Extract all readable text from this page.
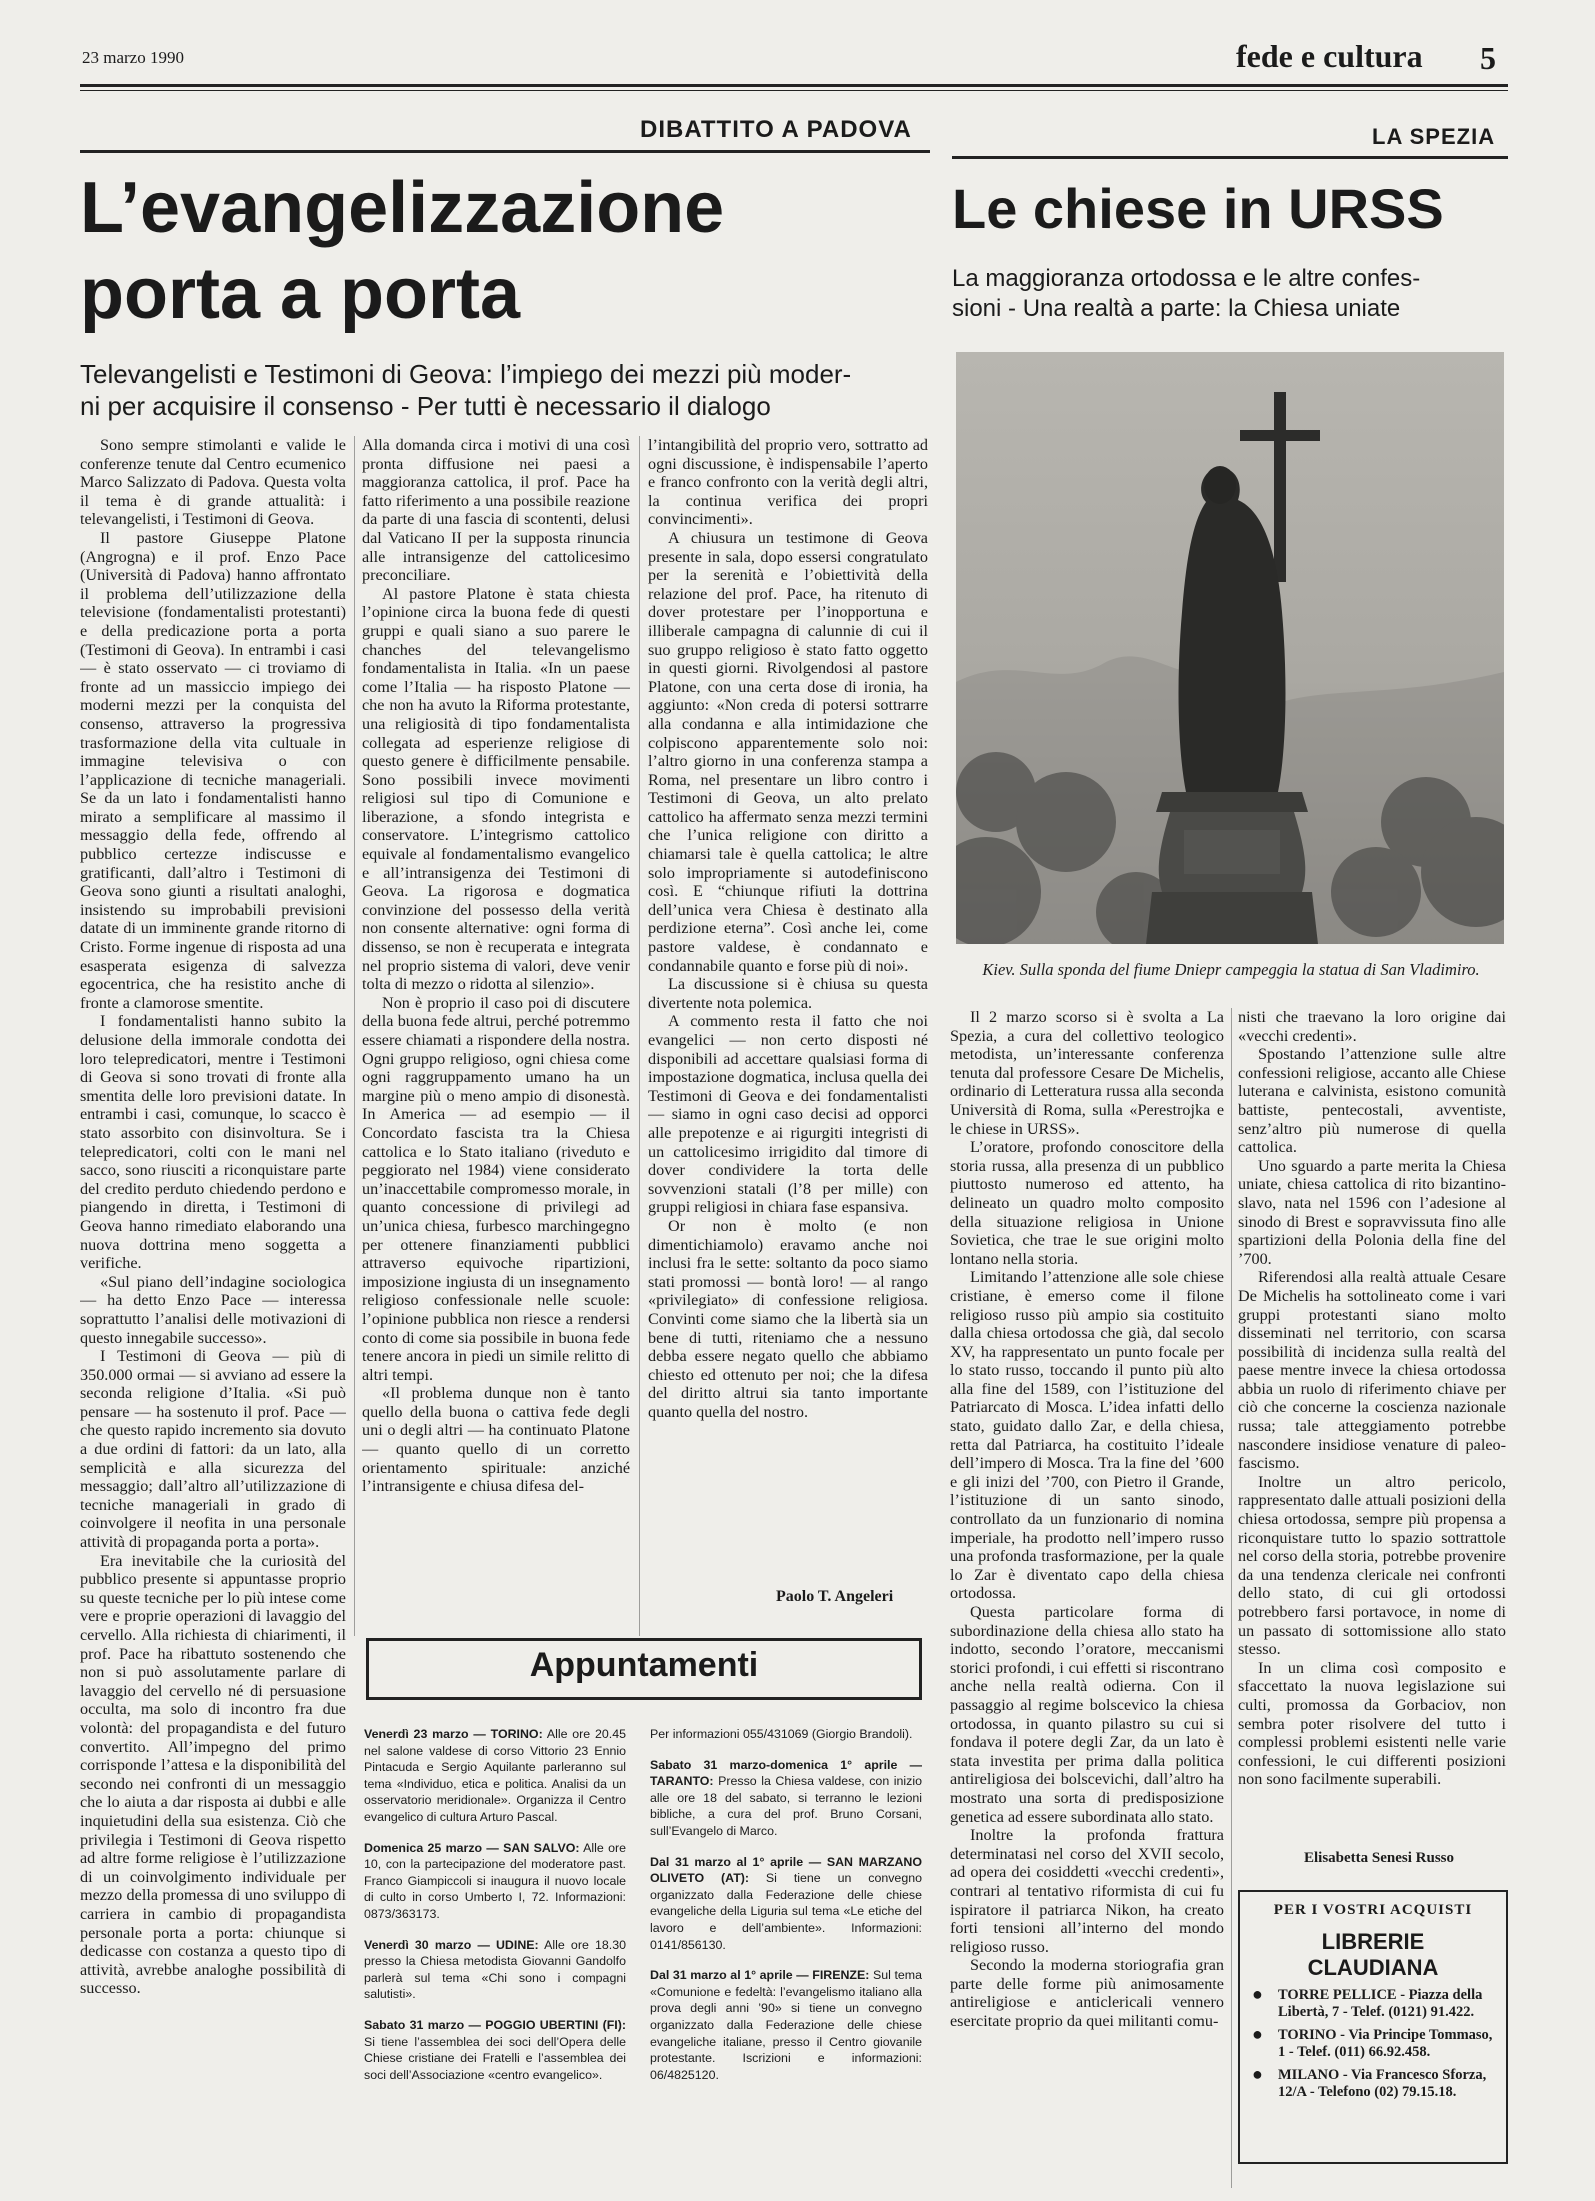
23 marzo 1990	fede e cultura 5
DIBATTITO A PADOVA
L’evangelizzazione
porta a porta
Televangelisti e Testimoni di Geova: l’impiego dei mezzi più moder-
ni per acquisire il consenso - Per tutti è necessario il dialogo

Sono sempre stimolanti e valide le conferenze tenute dal Centro ecumenico Marco Salizzato di Padova. Questa volta il tema è di grande attualità: i televangelisti, i Testimoni di Geova.

Il pastore Giuseppe Platone (Angrogna) e il prof. Enzo Pace (Università di Padova) hanno affrontato il problema dell’utilizzazione della televisione (fondamentalisti protestanti) e della predicazione porta a porta (Testimoni di Geova). In entrambi i casi — è stato osservato — ci troviamo di fronte ad un massiccio impiego dei moderni mezzi per la conquista del consenso, attraverso la progressiva trasformazione della vita cultuale in immagine televisiva o con l’applicazione di tecniche manageriali. Se da un lato i fondamentalisti hanno mirato a semplificare al massimo il messaggio della fede, offrendo al pubblico certezze indiscusse e gratificanti, dall’altro i Testimoni di Geova sono giunti a risultati analoghi, insistendo su improbabili previsioni datate di un imminente grande ritorno di Cristo. Forme ingenue di risposta ad una esasperata esigenza di salvezza egocentrica, che ha resistito anche di fronte a clamorose smentite.

I fondamentalisti hanno subito la delusione della immorale condotta dei loro telepredicatori, mentre i Testimoni di Geova si sono trovati di fronte alla smentita delle loro previsioni datate. In entrambi i casi, comunque, lo scacco è stato assorbito con disinvoltura. Se i telepredicatori, colti con le mani nel sacco, sono riusciti a riconquistare parte del credito perduto chiedendo perdono e piangendo in diretta, i Testimoni di Geova hanno rimediato elaborando una nuova dottrina meno soggetta a verifiche.

«Sul piano dell’indagine sociologica — ha detto Enzo Pace — interessa soprattutto l’analisi delle motivazioni di questo innegabile successo».

I Testimoni di Geova — più di 350.000 ormai — si avviano ad essere la seconda religione d’Italia. «Si può pensare — ha sostenuto il prof. Pace — che questo rapido incremento sia dovuto a due ordini di fattori: da un lato, alla semplicità e alla sicurezza del messaggio; dall’altro all’utilizzazione di tecniche manageriali in grado di coinvolgere il neofita in una personale attività di propaganda porta a porta».

Era inevitabile che la curiosità del pubblico presente si appuntasse proprio su queste tecniche per lo più intese come vere e proprie operazioni di lavaggio del cervello. Alla richiesta di chiarimenti, il prof. Pace ha ribattuto sostenendo che non si può assolutamente parlare di lavaggio del cervello né di persuasione occulta, ma solo di incontro fra due volontà: del propagandista e del futuro convertito. All’impegno del primo corrisponde l’attesa e la disponibilità del secondo nei confronti di un messaggio che lo aiuta a dar risposta ai dubbi e alle inquietudini della sua esistenza. Ciò che privilegia i Testimoni di Geova rispetto ad altre forme religiose è l’utilizzazione di un coinvolgimento individuale per mezzo della promessa di uno sviluppo di carriera in cambio di propagandista personale porta a porta: chiunque si dedicasse con costanza a questo tipo di attività, avrebbe analoghe possibilità di successo.

Alla domanda circa i motivi di una così pronta diffusione nei paesi a maggioranza cattolica, il prof. Pace ha fatto riferimento a una possibile reazione da parte di una fascia di scontenti, delusi dal Vaticano II per la supposta rinuncia alle intransigenze del cattolicesimo preconciliare.

Al pastore Platone è stata chiesta l’opinione circa la buona fede di questi gruppi e quali siano a suo parere le chanches del televangelismo fondamentalista in Italia. «In un paese come l’Italia — ha risposto Platone — che non ha avuto la Riforma protestante, una religiosità di tipo fondamentalista collegata ad esperienze religiose di questo genere è difficilmente pensabile. Sono possibili invece movimenti religiosi sul tipo di Comunione e liberazione, a sfondo integrista e conservatore. L’integrismo cattolico equivale al fondamentalismo evangelico e all’intransigenza dei Testimoni di Geova. La rigorosa e dogmatica convinzione del possesso della verità non consente alternative: ogni forma di dissenso, se non è recuperata e integrata nel proprio sistema di valori, deve venir tolta di mezzo o ridotta al silenzio».

Non è proprio il caso poi di discutere della buona fede altrui, perché potremmo essere chiamati a rispondere della nostra. Ogni gruppo religioso, ogni chiesa come ogni raggruppamento umano ha un margine più o meno ampio di disonestà. In America — ad esempio — il Concordato fascista tra la Chiesa cattolica e lo Stato italiano (riveduto e peggiorato nel 1984) viene considerato un’inaccettabile compromesso morale, in quanto concessione di privilegi ad un’unica chiesa, furbesco marchingegno per ottenere finanziamenti pubblici attraverso equivoche ripartizioni, imposizione ingiusta di un insegnamento religioso confessionale nelle scuole: l’opinione pubblica non riesce a rendersi conto di come sia possibile in buona fede tenere ancora in piedi un simile relitto di altri tempi.

«Il problema dunque non è tanto quello della buona o cattiva fede degli uni o degli altri — ha continuato Platone — quanto quello di un corretto orientamento spirituale: anziché l’intransigente e chiusa difesa del-

l’intangibilità del proprio vero, sottratto ad ogni discussione, è indispensabile l’aperto e franco confronto con la verità degli altri, la continua verifica dei propri convincimenti».

A chiusura un testimone di Geova presente in sala, dopo essersi congratulato per la serenità e l’obiettività della relazione del prof. Pace, ha ritenuto di dover protestare per l’inopportuna e illiberale campagna di calunnie di cui il suo gruppo religioso è stato fatto oggetto in questi giorni. Rivolgendosi al pastore Platone, con una certa dose di ironia, ha aggiunto: «Non creda di potersi sottrarre alla condanna e alla intimidazione che colpiscono apparentemente solo noi: l’altro giorno in una conferenza stampa a Roma, nel presentare un libro contro i Testimoni di Geova, un alto prelato cattolico ha affermato senza mezzi termini che l’unica religione con diritto a chiamarsi tale è quella cattolica; le altre solo impropriamente si autodefiniscono così. E “chiunque rifiuti la dottrina dell’unica vera Chiesa è destinato alla perdizione eterna”. Così anche lei, come pastore valdese, è condannato e condannabile quanto e forse più di noi».

La discussione si è chiusa su questa divertente nota polemica.

A commento resta il fatto che noi evangelici — non certo disposti né disponibili ad accettare qualsiasi forma di impostazione dogmatica, inclusa quella dei Testimoni di Geova e dei fondamentalisti — siamo in ogni caso decisi ad opporci alle prepotenze e ai rigurgiti integristi di un cattolicesimo irrigidito dal timore di dover condividere la torta delle sovvenzioni statali (l’8 per mille) con gruppi religiosi in chiara fase espansiva.

Or non è molto (e non dimentichiamolo) eravamo anche noi inclusi fra le sette: soltanto da poco siamo stati promossi — bontà loro! — al rango «privilegiato» di confessione religiosa. Convinti come siamo che la libertà sia un bene di tutti, riteniamo che a nessuno debba essere negato quello che abbiamo chiesto ed ottenuto per noi; che la difesa del diritto altrui sia tanto importante quanto quella del nostro.

Paolo T. Angeleri
Appuntamenti

Venerdì 23 marzo — TORINO: Alle ore 20.45 nel salone valdese di corso Vittorio 23 Ennio Pintacuda e Sergio Aquilante parleranno sul tema «Individuo, etica e politica. Analisi da un osservatorio meridionale». Organizza il Centro evangelico di cultura Arturo Pascal.

Domenica 25 marzo — SAN SALVO: Alle ore 10, con la partecipazione del moderatore past. Franco Giampiccoli si inaugura il nuovo locale di culto in corso Umberto I, 72. Informazioni: 0873/363173.

Venerdì 30 marzo — UDINE: Alle ore 18.30 presso la Chiesa metodista Giovanni Gandolfo parlerà sul tema «Chi sono i compagni salutisti».

Sabato 31 marzo — POGGIO UBERTINI (FI): Si tiene l’assemblea dei soci dell’Opera delle Chiese cristiane dei Fratelli e l’assemblea dei soci dell’Associazione «centro evangelico».

Per informazioni 055/431069 (Giorgio Brandoli).

Sabato 31 marzo-domenica 1° aprile —TARANTO: Presso la Chiesa valdese, con inizio alle ore 18 del sabato, si terranno le lezioni bibliche, a cura del prof. Bruno Corsani, sull’Evangelo di Marco.

Dal 31 marzo al 1° aprile — SAN MARZANO OLIVETO (AT): Si tiene un convegno organizzato dalla Federazione delle chiese evangeliche della Liguria sul tema «Le etiche del lavoro e dell’ambiente». Informazioni: 0141/856130.

Dal 31 marzo al 1° aprile — FIRENZE: Sul tema «Comunione e fedeltà: l’evangelismo italiano alla prova degli anni ’90» si tiene un convegno organizzato dalla Federazione delle chiese evangeliche italiane, presso il Centro giovanile protestante. Iscrizioni e informazioni: 06/4825120.

LA SPEZIA
Le chiese in URSS
La maggioranza ortodossa e le altre confes-
sioni - Una realtà a parte: la Chiesa uniate
Kiev. Sulla sponda del fiume Dniepr campeggia la statua di San Vladimiro.

Il 2 marzo scorso si è svolta a La Spezia, a cura del collettivo teologico metodista, un’interessante conferenza tenuta dal professore Cesare De Michelis, ordinario di Letteratura russa alla seconda Università di Roma, sulla «Perestrojka e le chiese in URSS».

L’oratore, profondo conoscitore della storia russa, alla presenza di un pubblico piuttosto numeroso ed attento, ha delineato un quadro molto composito della situazione religiosa in Unione Sovietica, che trae le sue origini molto lontano nella storia.

Limitando l’attenzione alle sole chiese cristiane, è emerso come il filone religioso russo più ampio sia costituito dalla chiesa ortodossa che già, dal secolo XV, ha rappresentato un punto focale per lo stato russo, toccando il punto più alto alla fine del 1589, con l’istituzione del Patriarcato di Mosca. L’idea infatti dello stato, guidato dallo Zar, e della chiesa, retta dal Patriarca, ha costituito l’ideale dell’impero di Mosca. Tra la fine del ’600 e gli inizi del ’700, con Pietro il Grande, l’istituzione di un santo sinodo, controllato da un funzionario di nomina imperiale, ha prodotto nell’impero russo una profonda trasformazione, per la quale lo Zar è diventato capo della chiesa ortodossa.

Questa particolare forma di subordinazione della chiesa allo stato ha indotto, secondo l’oratore, meccanismi storici profondi, i cui effetti si riscontrano anche nella realtà odierna. Con il passaggio al regime bolscevico la chiesa ortodossa, in quanto pilastro su cui si fondava il potere degli Zar, da un lato è stata investita per prima dalla politica antireligiosa dei bolscevichi, dall’altro ha mostrato una sorta di predisposizione genetica ad essere subordinata allo stato.

Inoltre la profonda frattura determinatasi nel corso del XVII secolo, ad opera dei cosiddetti «vecchi credenti», contrari al tentativo riformista di cui fu ispiratore il patriarca Nikon, ha creato forti tensioni all’interno del mondo religioso russo.

Secondo la moderna storiografia gran parte delle forme più animosamente antireligiose e anticlericali vennero esercitate proprio da quei militanti comu-

nisti che traevano la loro origine dai «vecchi credenti».

Spostando l’attenzione sulle altre confessioni religiose, accanto alle Chiese luterana e calvinista, esistono comunità battiste, pentecostali, avventiste, senz’altro più numerose di quella cattolica.

Uno sguardo a parte merita la Chiesa uniate, chiesa cattolica di rito bizantino-slavo, nata nel 1596 con l’adesione al sinodo di Brest e sopravvissuta fino alle spartizioni della Polonia della fine del ’700.

Riferendosi alla realtà attuale Cesare De Michelis ha sottolineato come i vari gruppi protestanti siano molto disseminati nel territorio, con scarsa possibilità di incidenza sulla realtà del paese mentre invece la chiesa ortodossa abbia un ruolo di riferimento chiave per ciò che concerne la coscienza nazionale russa; tale atteggiamento potrebbe nascondere insidiose venature di paleo-fascismo.

Inoltre un altro pericolo, rappresentato dalle attuali posizioni della chiesa ortodossa, sempre più propensa a riconquistare tutto lo spazio sottrattole nel corso della storia, potrebbe provenire da una tendenza clericale nei confronti dello stato, di cui gli ortodossi potrebbero farsi portavoce, in nome di un passato di sottomissione allo stato stesso.

In un clima così composito e sfaccettato la nuova legislazione sui culti, promossa da Gorbaciov, non sembra poter risolvere del tutto i complessi problemi esistenti nelle varie confessioni, le cui differenti posizioni non sono facilmente superabili.

Elisabetta Senesi Russo
PER I VOSTRI ACQUISTI
LIBRERIE
CLAUDIANA
● TORRE PELLICE - Piazza della Libertà, 7 - Telef. (0121) 91.422.
● TORINO - Via Principe Tommaso, 1 - Telef. (011) 66.92.458.
● MILANO - Via Francesco Sforza, 12/A - Telefono (02) 79.15.18.
